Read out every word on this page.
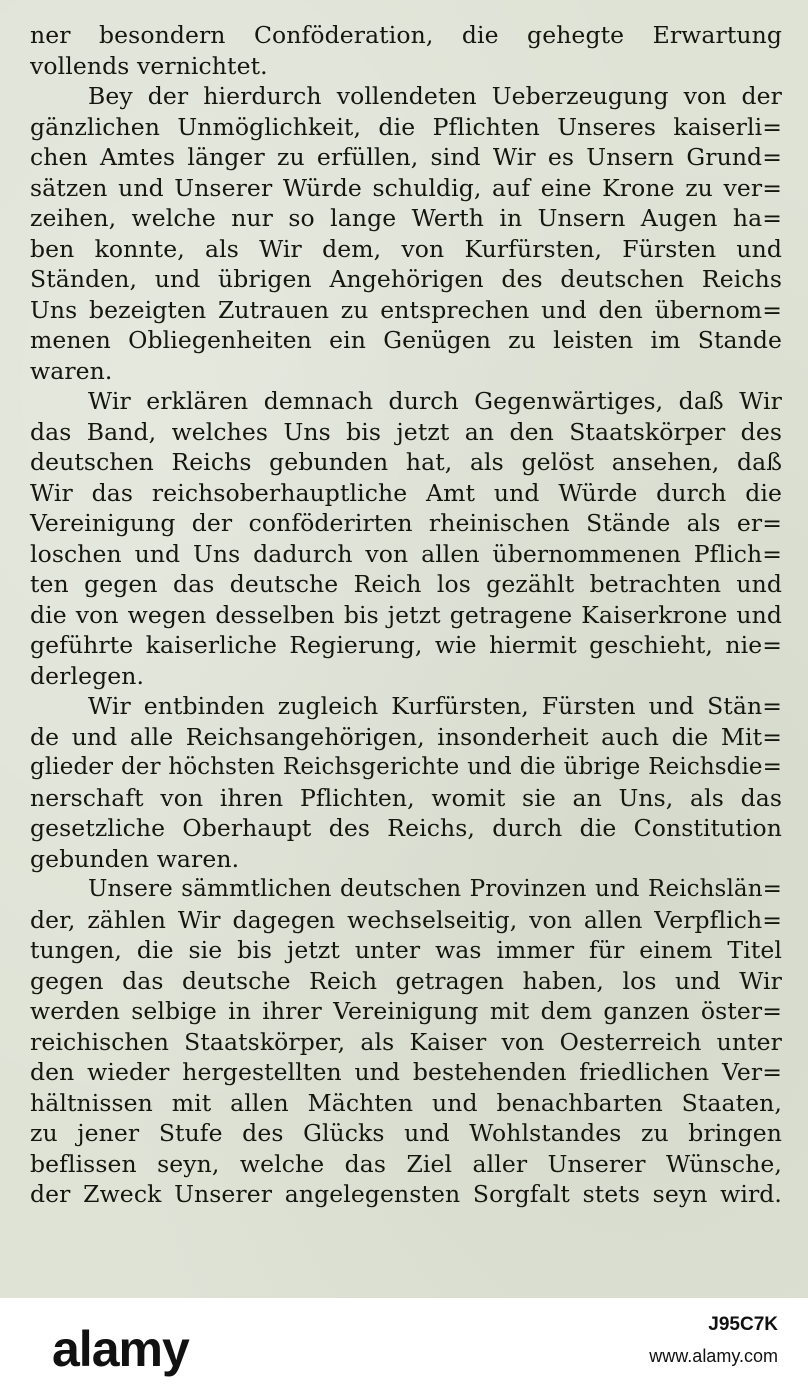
ner besondern Conföderation, die gehegte Erwartung
vollends vernichtet.
Bey der hierdurch vollendeten Ueberzeugung von der
gänzlichen Unmöglichkeit, die Pflichten Unseres kaiserli=
chen Amtes länger zu erfüllen, sind Wir es Unsern Grund=
sätzen und Unserer Würde schuldig, auf eine Krone zu ver=
zeihen, welche nur so lange Werth in Unsern Augen ha=
ben konnte, als Wir dem, von Kurfürsten, Fürsten und
Ständen, und übrigen Angehörigen des deutschen Reichs
Uns bezeigten Zutrauen zu entsprechen und den übernom=
menen Obliegenheiten ein Genügen zu leisten im Stande
waren.
Wir erklären demnach durch Gegenwärtiges, daß Wir
das Band, welches Uns bis jetzt an den Staatskörper des
deutschen Reichs gebunden hat, als gelöst ansehen, daß
Wir das reichsoberhauptliche Amt und Würde durch die
Vereinigung der conföderirten rheinischen Stände als er=
loschen und Uns dadurch von allen übernommenen Pflich=
ten gegen das deutsche Reich los gezählt betrachten und
die von wegen desselben bis jetzt getragene Kaiserkrone und
geführte kaiserliche Regierung, wie hiermit geschieht, nie=
derlegen.
Wir entbinden zugleich Kurfürsten, Fürsten und Stän=
de und alle Reichsangehörigen, insonderheit auch die Mit=
glieder der höchsten Reichsgerichte und die übrige Reichsdie=
nerschaft von ihren Pflichten, womit sie an Uns, als das
gesetzliche Oberhaupt des Reichs, durch die Constitution
gebunden waren.
Unsere sämmtlichen deutschen Provinzen und Reichslän=
der, zählen Wir dagegen wechselseitig, von allen Verpflich=
tungen, die sie bis jetzt unter was immer für einem Titel
gegen das deutsche Reich getragen haben, los und Wir
werden selbige in ihrer Vereinigung mit dem ganzen öster=
reichischen Staatskörper, als Kaiser von Oesterreich unter
den wieder hergestellten und bestehenden friedlichen Ver=
hältnissen mit allen Mächten und benachbarten Staaten,
zu jener Stufe des Glücks und Wohlstandes zu bringen
beflissen seyn, welche das Ziel aller Unserer Wünsche,
der Zweck Unserer angelegensten Sorgfalt stets seyn wird.
alamy	J95C7K
www.alamy.com
